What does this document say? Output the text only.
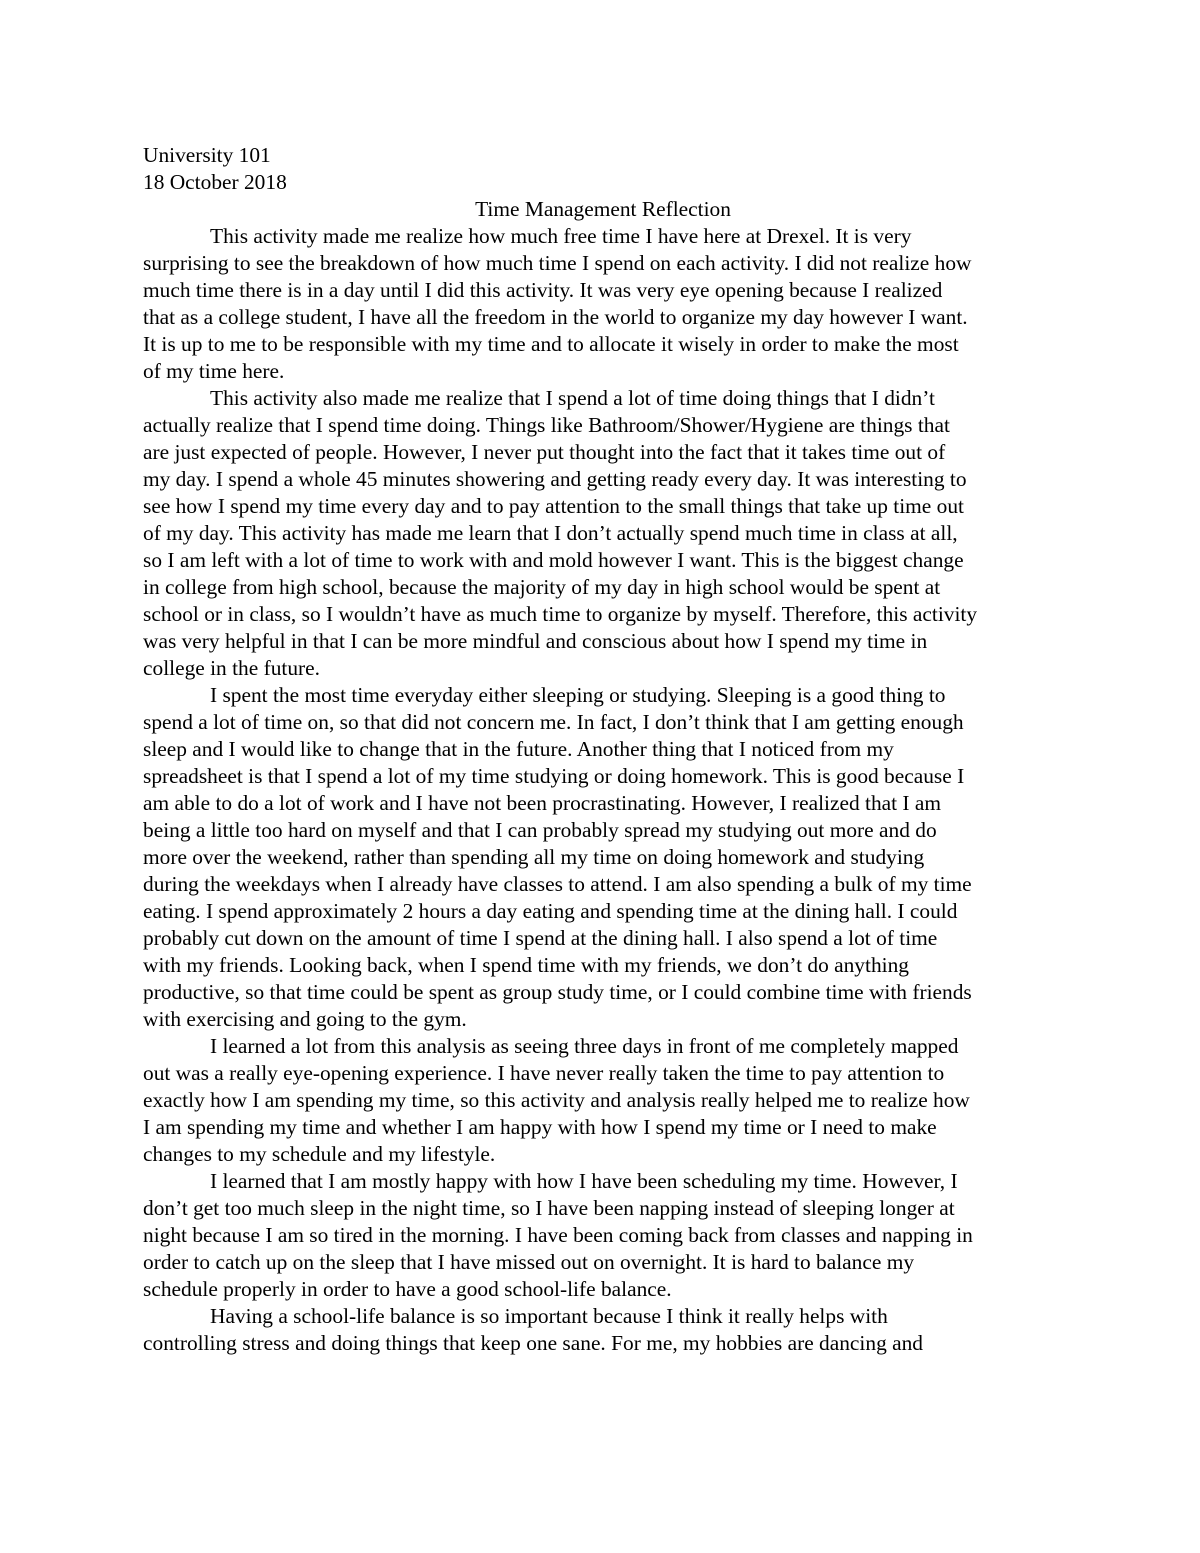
University 101
18 October 2018
Time Management Reflection
This activity made me realize how much free time I have here at Drexel. It is very
surprising to see the breakdown of how much time I spend on each activity. I did not realize how
much time there is in a day until I did this activity. It was very eye opening because I realized
that as a college student, I have all the freedom in the world to organize my day however I want.
It is up to me to be responsible with my time and to allocate it wisely in order to make the most
of my time here.
This activity also made me realize that I spend a lot of time doing things that I didn’t
actually realize that I spend time doing. Things like Bathroom/Shower/Hygiene are things that
are just expected of people. However, I never put thought into the fact that it takes time out of
my day. I spend a whole 45 minutes showering and getting ready every day. It was interesting to
see how I spend my time every day and to pay attention to the small things that take up time out
of my day. This activity has made me learn that I don’t actually spend much time in class at all,
so I am left with a lot of time to work with and mold however I want. This is the biggest change
in college from high school, because the majority of my day in high school would be spent at
school or in class, so I wouldn’t have as much time to organize by myself. Therefore, this activity
was very helpful in that I can be more mindful and conscious about how I spend my time in
college in the future.
I spent the most time everyday either sleeping or studying. Sleeping is a good thing to
spend a lot of time on, so that did not concern me. In fact, I don’t think that I am getting enough
sleep and I would like to change that in the future. Another thing that I noticed from my
spreadsheet is that I spend a lot of my time studying or doing homework. This is good because I
am able to do a lot of work and I have not been procrastinating. However, I realized that I am
being a little too hard on myself and that I can probably spread my studying out more and do
more over the weekend, rather than spending all my time on doing homework and studying
during the weekdays when I already have classes to attend. I am also spending a bulk of my time
eating. I spend approximately 2 hours a day eating and spending time at the dining hall. I could
probably cut down on the amount of time I spend at the dining hall. I also spend a lot of time
with my friends. Looking back, when I spend time with my friends, we don’t do anything
productive, so that time could be spent as group study time, or I could combine time with friends
with exercising and going to the gym.
I learned a lot from this analysis as seeing three days in front of me completely mapped
out was a really eye-opening experience. I have never really taken the time to pay attention to
exactly how I am spending my time, so this activity and analysis really helped me to realize how
I am spending my time and whether I am happy with how I spend my time or I need to make
changes to my schedule and my lifestyle.
I learned that I am mostly happy with how I have been scheduling my time. However, I
don’t get too much sleep in the night time, so I have been napping instead of sleeping longer at
night because I am so tired in the morning. I have been coming back from classes and napping in
order to catch up on the sleep that I have missed out on overnight. It is hard to balance my
schedule properly in order to have a good school-life balance.
Having a school-life balance is so important because I think it really helps with
controlling stress and doing things that keep one sane. For me, my hobbies are dancing and
